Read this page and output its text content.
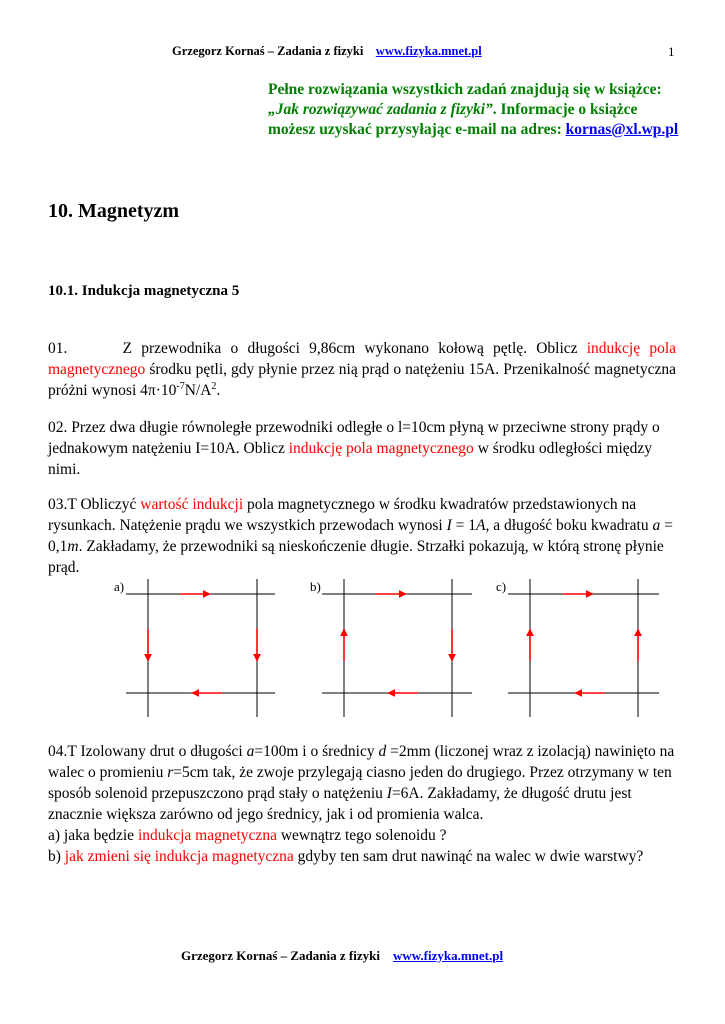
Grzegorz Kornaś – Zadania z fizyki www.fizyka.mnet.pl	1
Pełne rozwiązania wszystkich zadań znajdują się w książce: „Jak rozwiązywać zadania z fizyki”. Informacje o książce możesz uzyskać przysyłając e-mail na adres: kornas@xl.wp.pl
10. Magnetyzm
10.1. Indukcja magnetyczna 5
01.	Z przewodnika o długości 9,86cm wykonano kołową pętlę. Oblicz indukcję pola magnetycznego środku pętli, gdy płynie przez nią prąd o natężeniu 15A. Przenikalność magnetyczna próżni wynosi $4\pi\cdot 10^{-7}N/A^2$.
02. Przez dwa długie równoległe przewodniki odległe o l=10cm płyną w przeciwne strony prądy o jednakowym natężeniu I=10A. Oblicz indukcję pola magnetycznego w środku odległości między nimi.
03.T Obliczyć wartość indukcji pola magnetycznego w środku kwadratów przedstawionych na rysunkach. Natężenie prądu we wszystkich przewodach wynosi I = 1A, a długość boku kwadratu a = 0,1m. Zakładamy, że przewodniki są nieskończenie długie. Strzałki pokazują, w którą stronę płynie prąd.
a)	b)	c)
04.T Izolowany drut o długości a=100m i o średnicy d =2mm (liczonej wraz z izolacją) nawinięto na walec o promieniu r=5cm tak, że zwoje przylegają ciasno jeden do drugiego. Przez otrzymany w ten sposób solenoid przepuszczono prąd stały o natężeniu I=6A. Zakładamy, że długość drutu jest znacznie większa zarówno od jego średnicy, jak i od promienia walca.
a) jaka będzie indukcja magnetyczna wewnątrz tego solenoidu ?
b) jak zmieni się indukcja magnetyczna gdyby ten sam drut nawinąć na walec w dwie warstwy?
Grzegorz Kornaś – Zadania z fizyki www.fizyka.mnet.pl
